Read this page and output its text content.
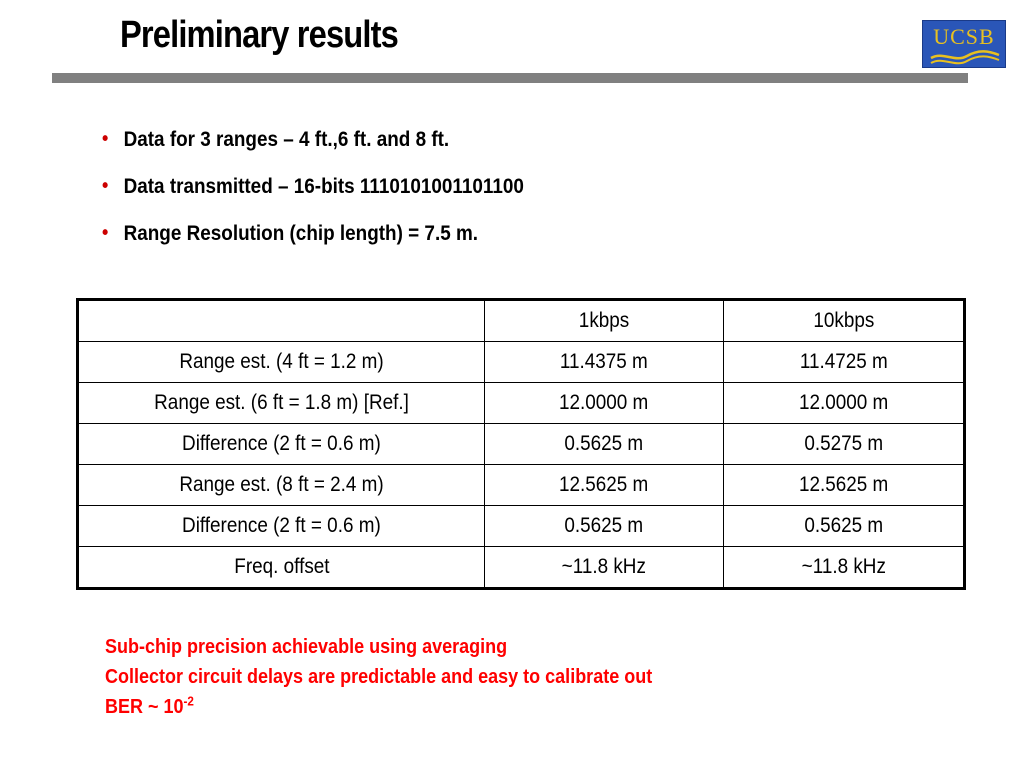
Preliminary results	UCSB
• Data for 3 ranges – 4 ft.,6 ft. and 8 ft.
• Data transmitted – 16-bits 1110101001101100
• Range Resolution (chip length) = 7.5 m.
	1kbps	10kbps
Range est. (4 ft = 1.2 m)	11.4375 m	11.4725 m
Range est. (6 ft = 1.8 m) [Ref.]	12.0000 m	12.0000 m
Difference (2 ft = 0.6 m)	0.5625 m	0.5275 m
Range est. (8 ft = 2.4 m)	12.5625 m	12.5625 m
Difference (2 ft = 0.6 m)	0.5625 m	0.5625 m
Freq. offset	~11.8 kHz	~11.8 kHz
Sub-chip precision achievable using averaging
Collector circuit delays are predictable and easy to calibrate out
BER ~ $10^{-2}$
